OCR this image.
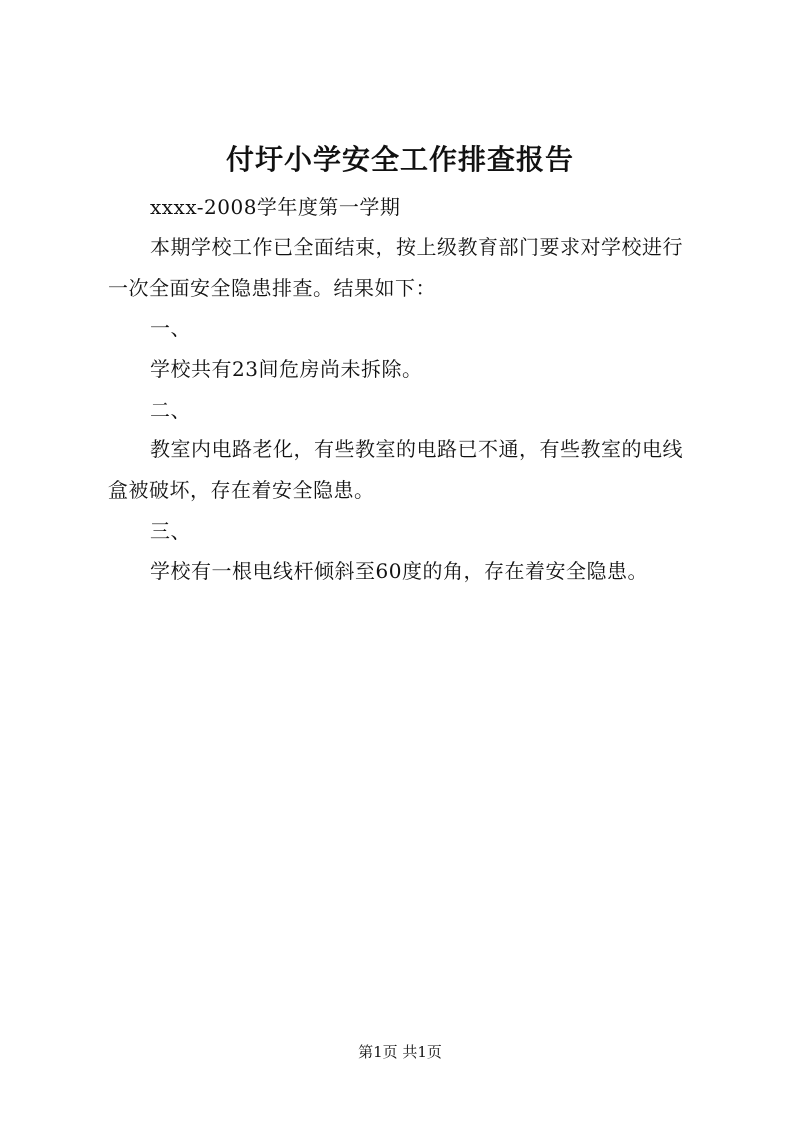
付圩小学安全工作排查报告
xxxx-2008学年度第一学期
本期学校工作已全面结束，按上级教育部门要求对学校进行
一次全面安全隐患排查。结果如下：
一、
学校共有23间危房尚未拆除。
二、
教室内电路老化，有些教室的电路已不通，有些教室的电线
盒被破坏，存在着安全隐患。
三、
学校有一根电线杆倾斜至60度的角，存在着安全隐患。
第1页 共1页
